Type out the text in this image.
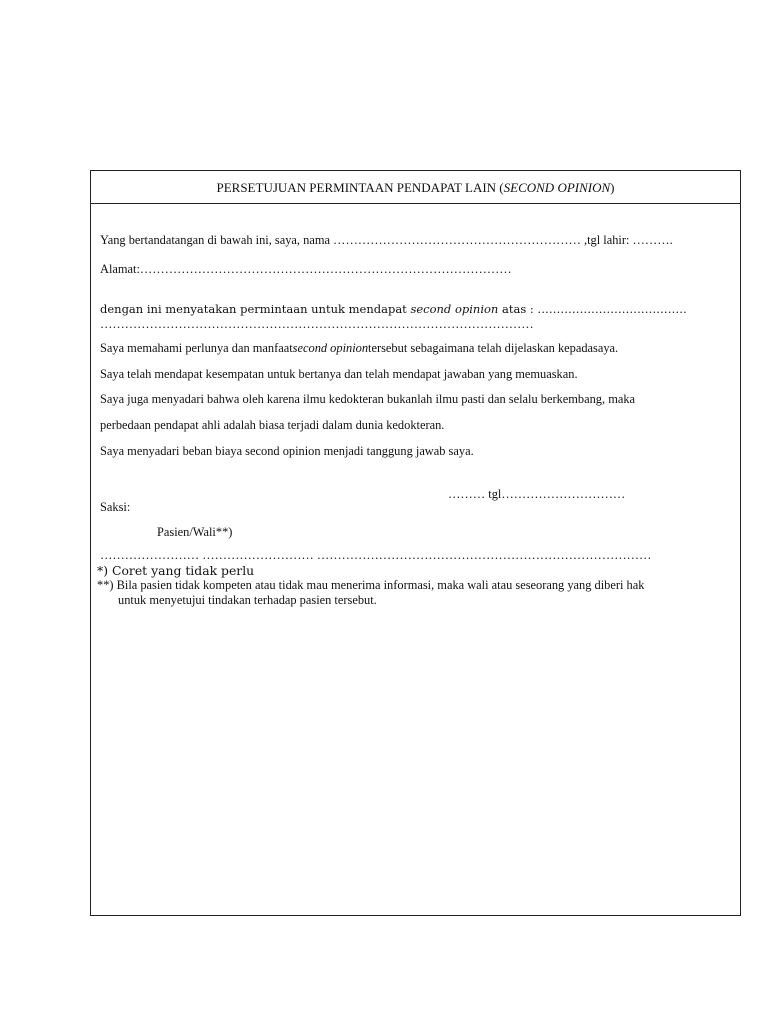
PERSETUJUAN PERMINTAAN PENDAPAT LAIN (SECOND OPINION)
Yang bertandatangan di bawah ini, saya, nama …………………………………………………… ,tgl lahir: ……….
Alamat:………………………………………………………………………………
dengan ini menyatakan permintaan untuk mendapat second opinion atas : …………………………………
……………………………………………………………………………………………
Saya memahami perlunya dan manfaatsecond opiniontersebut sebagaimana telah dijelaskan kepadasaya.
Saya telah mendapat kesempatan untuk bertanya dan telah mendapat jawaban yang memuaskan.
Saya juga menyadari bahwa oleh karena ilmu kedokteran bukanlah ilmu pasti dan selalu berkembang, maka
perbedaan pendapat ahli adalah biasa terjadi dalam dunia kedokteran.
Saya menyadari beban biaya second opinion menjadi tanggung jawab saya.
……… tgl…………………………
Saksi:
Pasien/Wali**)
…………………… ……………………… ………………………………………………………………………
*) Coret yang tidak perlu
**) Bila pasien tidak kompeten atau tidak mau menerima informasi, maka wali atau seseorang yang diberi hak
untuk menyetujui tindakan terhadap pasien tersebut.
